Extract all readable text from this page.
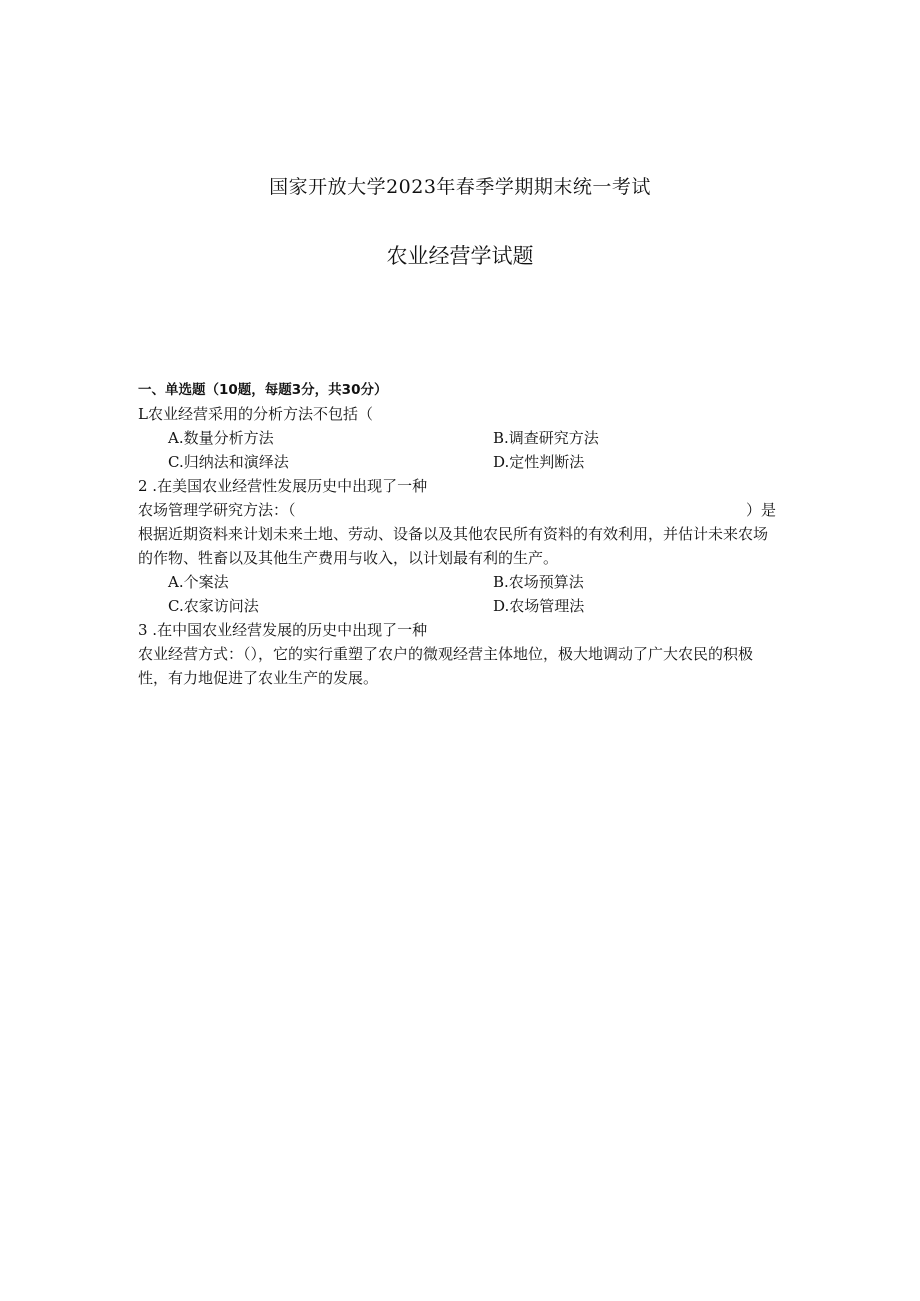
国家开放大学2023年春季学期期末统一考试
农业经营学试题
一、单选题（10题，每题3分，共30分）
L农业经营采用的分析方法不包括（
A.数量分析方法	B.调查研究方法
C.归纳法和演绎法	D.定性判断法
2 .在美国农业经营性发展历史中出现了一种
农场管理学研究方法：（	）是
根据近期资料来计划未来土地、劳动、设备以及其他农民所有资料的有效利用，并估计未来农场的作物、牲畜以及其他生产费用与收入，以计划最有利的生产。
A.个案法	B.农场预算法
C.农家访问法	D.农场管理法
3 .在中国农业经营发展的历史中出现了一种
农业经营方式：（），它的实行重塑了农户的微观经营主体地位，极大地调动了广大农民的积极性，有力地促进了农业生产的发展。
